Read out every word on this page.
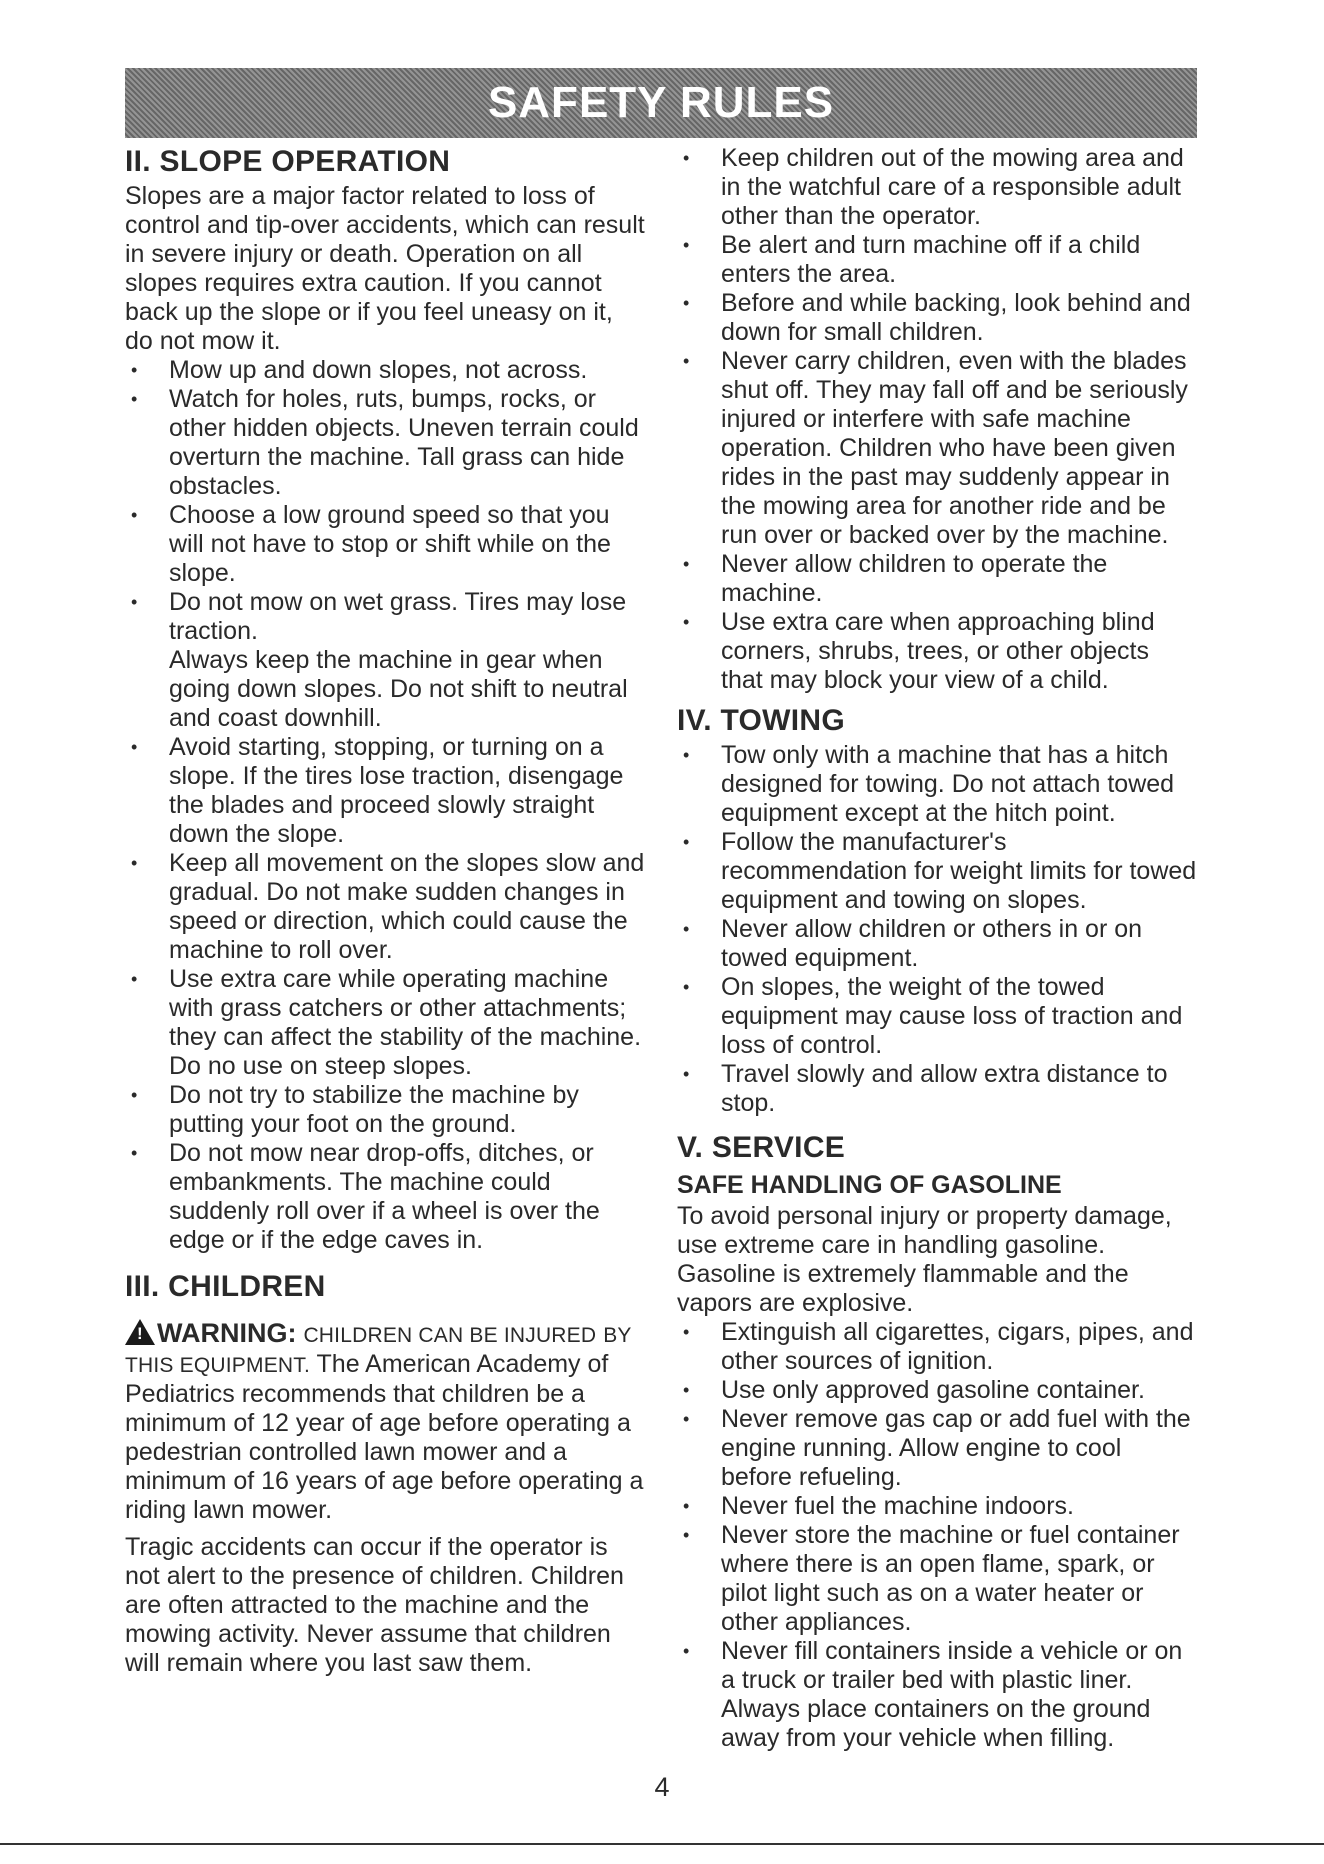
SAFETY RULES
II. SLOPE OPERATION

Slopes are a major factor related to loss of control and tip-over accidents, which can result in severe injury or death. Operation on all slopes requires extra caution. If you cannot back up the slope or if you feel uneasy on it, do not mow it.

• Mow up and down slopes, not across.
• Watch for holes, ruts, bumps, rocks, or other hidden objects. Uneven terrain could overturn the machine. Tall grass can hide obstacles.
• Choose a low ground speed so that you will not have to stop or shift while on the slope.
• Do not mow on wet grass. Tires may lose traction.

Always keep the machine in gear when going down slopes. Do not shift to neutral and coast downhill.

• Avoid starting, stopping, or turning on a slope. If the tires lose traction, disengage the blades and proceed slowly straight down the slope.
• Keep all movement on the slopes slow and gradual. Do not make sudden changes in speed or direction, which could cause the machine to roll over.
• Use extra care while operating machine with grass catchers or other attachments; they can affect the stability of the machine. Do no use on steep slopes.
• Do not try to stabilize the machine by putting your foot on the ground.
• Do not mow near drop-offs, ditches, or embankments. The machine could suddenly roll over if a wheel is over the edge or if the edge caves in.
III. CHILDREN
!WARNING: CHILDREN CAN BE INJURED BY THIS EQUIPMENT. The American Academy of Pediatrics recommends that children be a minimum of 12 year of age before operating a pedestrian controlled lawn mower and a minimum of 16 years of age before operating a riding lawn mower.

Tragic accidents can occur if the operator is not alert to the presence of children. Children are often attracted to the machine and the mowing activity. Never assume that children will remain where you last saw them.

• Keep children out of the mowing area and in the watchful care of a responsible adult other than the operator.
• Be alert and turn machine off if a child enters the area.
• Before and while backing, look behind and down for small children.
• Never carry children, even with the blades shut off. They may fall off and be seriously injured or interfere with safe machine operation. Children who have been given rides in the past may suddenly appear in the mowing area for another ride and be run over or backed over by the machine.
• Never allow children to operate the machine.
• Use extra care when approaching blind corners, shrubs, trees, or other objects that may block your view of a child.
IV. TOWING
• Tow only with a machine that has a hitch designed for towing. Do not attach towed equipment except at the hitch point.
• Follow the manufacturer's recommendation for weight limits for towed equipment and towing on slopes.
• Never allow children or others in or on towed equipment.
• On slopes, the weight of the towed equipment may cause loss of traction and loss of control.
• Travel slowly and allow extra distance to stop.
V. SERVICE
SAFE HANDLING OF GASOLINE

To avoid personal injury or property damage, use extreme care in handling gasoline. Gasoline is extremely flammable and the vapors are explosive.

• Extinguish all cigarettes, cigars, pipes, and other sources of ignition.
• Use only approved gasoline container.
• Never remove gas cap or add fuel with the engine running. Allow engine to cool before refueling.
• Never fuel the machine indoors.
• Never store the machine or fuel container where there is an open flame, spark, or pilot light such as on a water heater or other appliances.
• Never fill containers inside a vehicle or on a truck or trailer bed with plastic liner. Always place containers on the ground away from your vehicle when filling.
4
